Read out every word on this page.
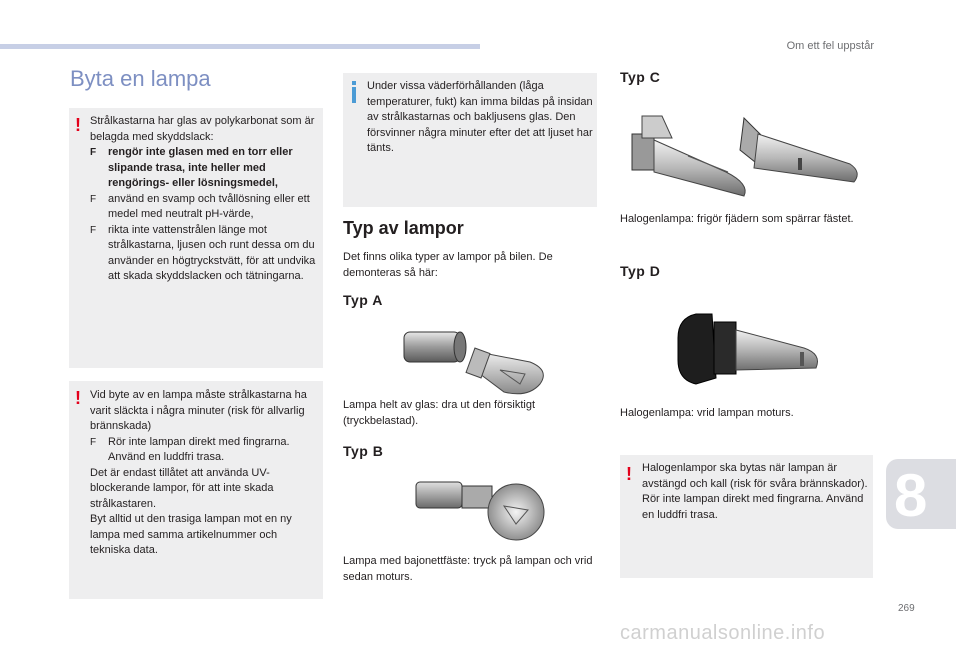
Om ett fel uppstår
Byta en lampa
! Strålkastarna har glas av polykarbonat som är belagda med skyddslack:
F rengör inte glasen med en torr eller slipande trasa, inte heller med rengörings- eller lösningsmedel,
F använd en svamp och tvållösning eller ett medel med neutralt pH-värde,
F rikta inte vattenstrålen länge mot strålkastarna, ljusen och runt dessa om du använder en högtryckstvätt, för att undvika att skada skyddslacken och tätningarna.
! Vid byte av en lampa måste strålkastarna ha varit släckta i några minuter (risk för allvarlig brännskada)
F Rör inte lampan direkt med fingrarna. Använd en luddfri trasa.
Det är endast tillåtet att använda UV-blockerande lampor, för att inte skada strålkastaren.
Byt alltid ut den trasiga lampan mot en ny lampa med samma artikelnummer och tekniska data.
Under vissa väderförhållanden (låga temperaturer, fukt) kan imma bildas på insidan av strålkastarnas och bakljusens glas. Den försvinner några minuter efter det att ljuset har tänts.
Typ av lampor
Det finns olika typer av lampor på bilen. De demonteras så här:
Typ A
Lampa helt av glas: dra ut den försiktigt (tryckbelastad).
Typ B
Lampa med bajonettfäste: tryck på lampan och vrid sedan moturs.
Typ C
Halogenlampa: frigör fjädern som spärrar fästet.
Typ D
Halogenlampa: vrid lampan moturs.
! Halogenlampor ska bytas när lampan är avstängd och kall (risk för svåra brännskador). Rör inte lampan direkt med fingrarna. Använd en luddfri trasa.	8
269
carmanualsonline.info
